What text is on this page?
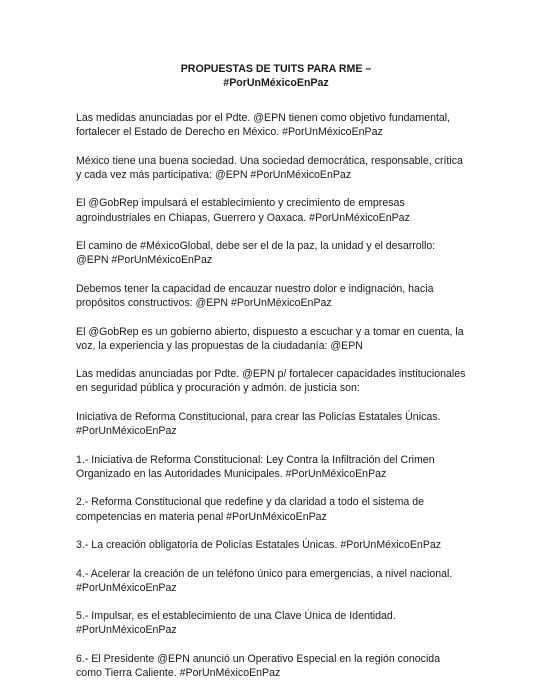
PROPUESTAS DE TUITS PARA RME –
#PorUnMéxicoEnPaz

Las medidas anunciadas por el Pdte. @EPN tienen como objetivo fundamental,
fortalecer el Estado de Derecho en México. #PorUnMéxicoEnPaz

México tiene una buena sociedad. Una sociedad democrática, responsable, crítica
y cada vez más participativa: @EPN #PorUnMéxicoEnPaz

El @GobRep impulsará el establecimiento y crecimiento de empresas
agroindustriales en Chiapas, Guerrero y Oaxaca. #PorUnMéxicoEnPaz

El camino de #MéxicoGlobal, debe ser el de la paz, la unidad y el desarrollo:
@EPN #PorUnMéxicoEnPaz

Debemos tener la capacidad de encauzar nuestro dolor e indignación, hacia
propósitos constructivos: @EPN #PorUnMéxicoEnPaz

El @GobRep es un gobierno abierto, dispuesto a escuchar y a tomar en cuenta, la
voz, la experiencia y las propuestas de la ciudadanía: @EPN

Las medidas anunciadas por Pdte. @EPN p/ fortalecer capacidades institucionales
en seguridad pública y procuración y admón. de justicia son:

Iniciativa de Reforma Constitucional, para crear las Policías Estatales Únicas.
#PorUnMéxicoEnPaz

1.- Iniciativa de Reforma Constitucional: Ley Contra la Infiltración del Crimen
Organizado en las Autoridades Municipales. #PorUnMéxicoEnPaz

2.- Reforma Constitucional que redefine y da claridad a todo el sistema de
competencias en materia penal #PorUnMéxicoEnPaz

3.- La creación obligatoria de Policías Estatales Únicas. #PorUnMéxicoEnPaz

4.- Acelerar la creación de un teléfono único para emergencias, a nivel nacional.
#PorUnMéxicoEnPaz

5.- Impulsar, es el establecimiento de una Clave Única de Identidad.
#PorUnMéxicoEnPaz

6.- El Presidente @EPN anunció un Operativo Especial en la región conocida
como Tierra Caliente. #PorUnMéxicoEnPaz
